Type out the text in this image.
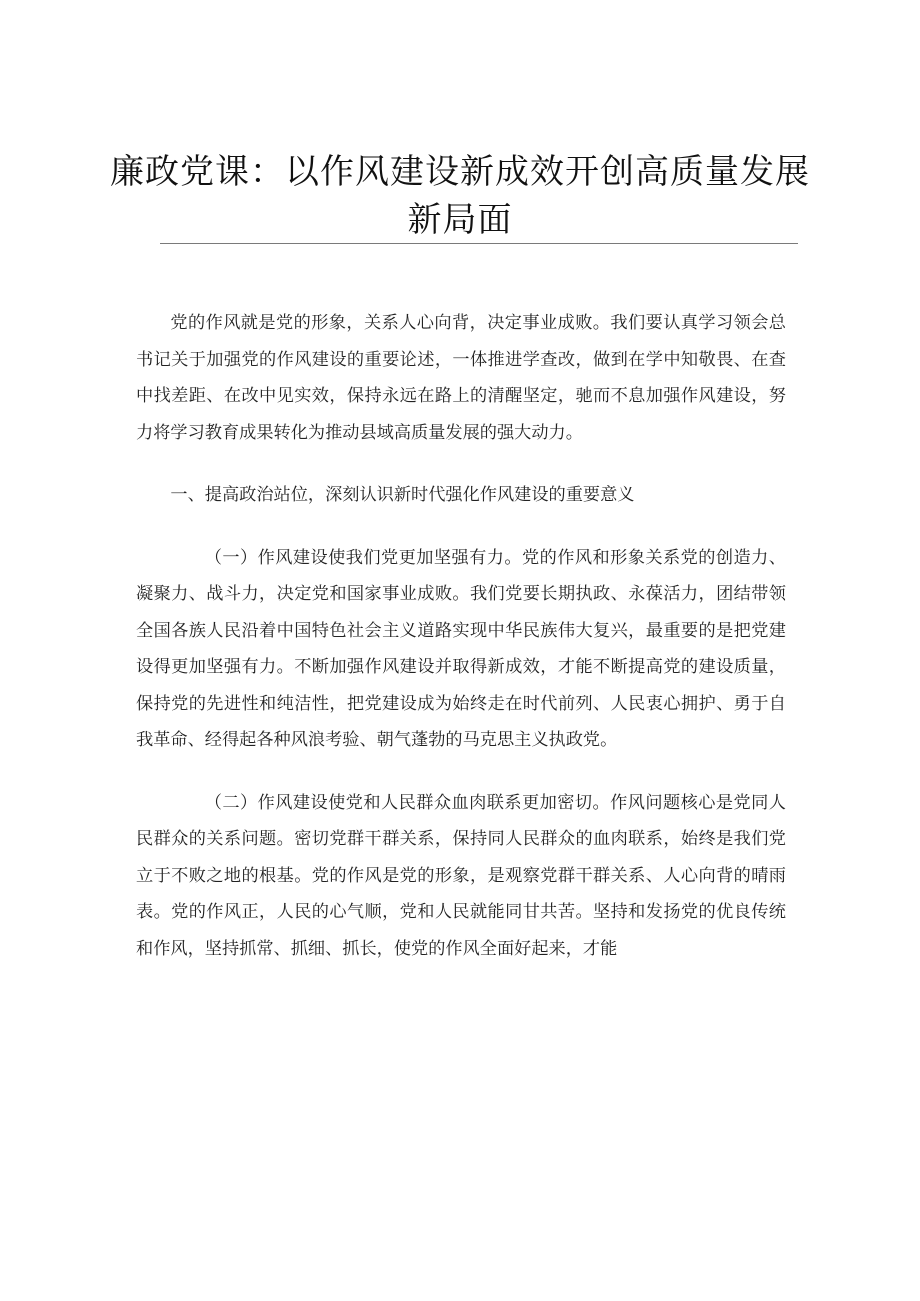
廉政党课：以作风建设新成效开创高质量发展
新局面

党的作风就是党的形象，关系人心向背，决定事业成败。我们要认真学习领会总书记关于加强党的作风建设的重要论述，一体推进学查改，做到在学中知敬畏、在查中找差距、在改中见实效，保持永远在路上的清醒坚定，驰而不息加强作风建设，努力将学习教育成果转化为推动县域高质量发展的强大动力。

一、提高政治站位，深刻认识新时代强化作风建设的重要意义

（一）作风建设使我们党更加坚强有力。党的作风和形象关系党的创造力、凝聚力、战斗力，决定党和国家事业成败。我们党要长期执政、永葆活力，团结带领全国各族人民沿着中国特色社会主义道路实现中华民族伟大复兴，最重要的是把党建设得更加坚强有力。不断加强作风建设并取得新成效，才能不断提高党的建设质量，保持党的先进性和纯洁性，把党建设成为始终走在时代前列、人民衷心拥护、勇于自我革命、经得起各种风浪考验、朝气蓬勃的马克思主义执政党。

（二）作风建设使党和人民群众血肉联系更加密切。作风问题核心是党同人民群众的关系问题。密切党群干群关系，保持同人民群众的血肉联系，始终是我们党立于不败之地的根基。党的作风是党的形象，是观察党群干群关系、人心向背的晴雨表。党的作风正，人民的心气顺，党和人民就能同甘共苦。坚持和发扬党的优良传统和作风，坚持抓常、抓细、抓长，使党的作风全面好起来，才能
